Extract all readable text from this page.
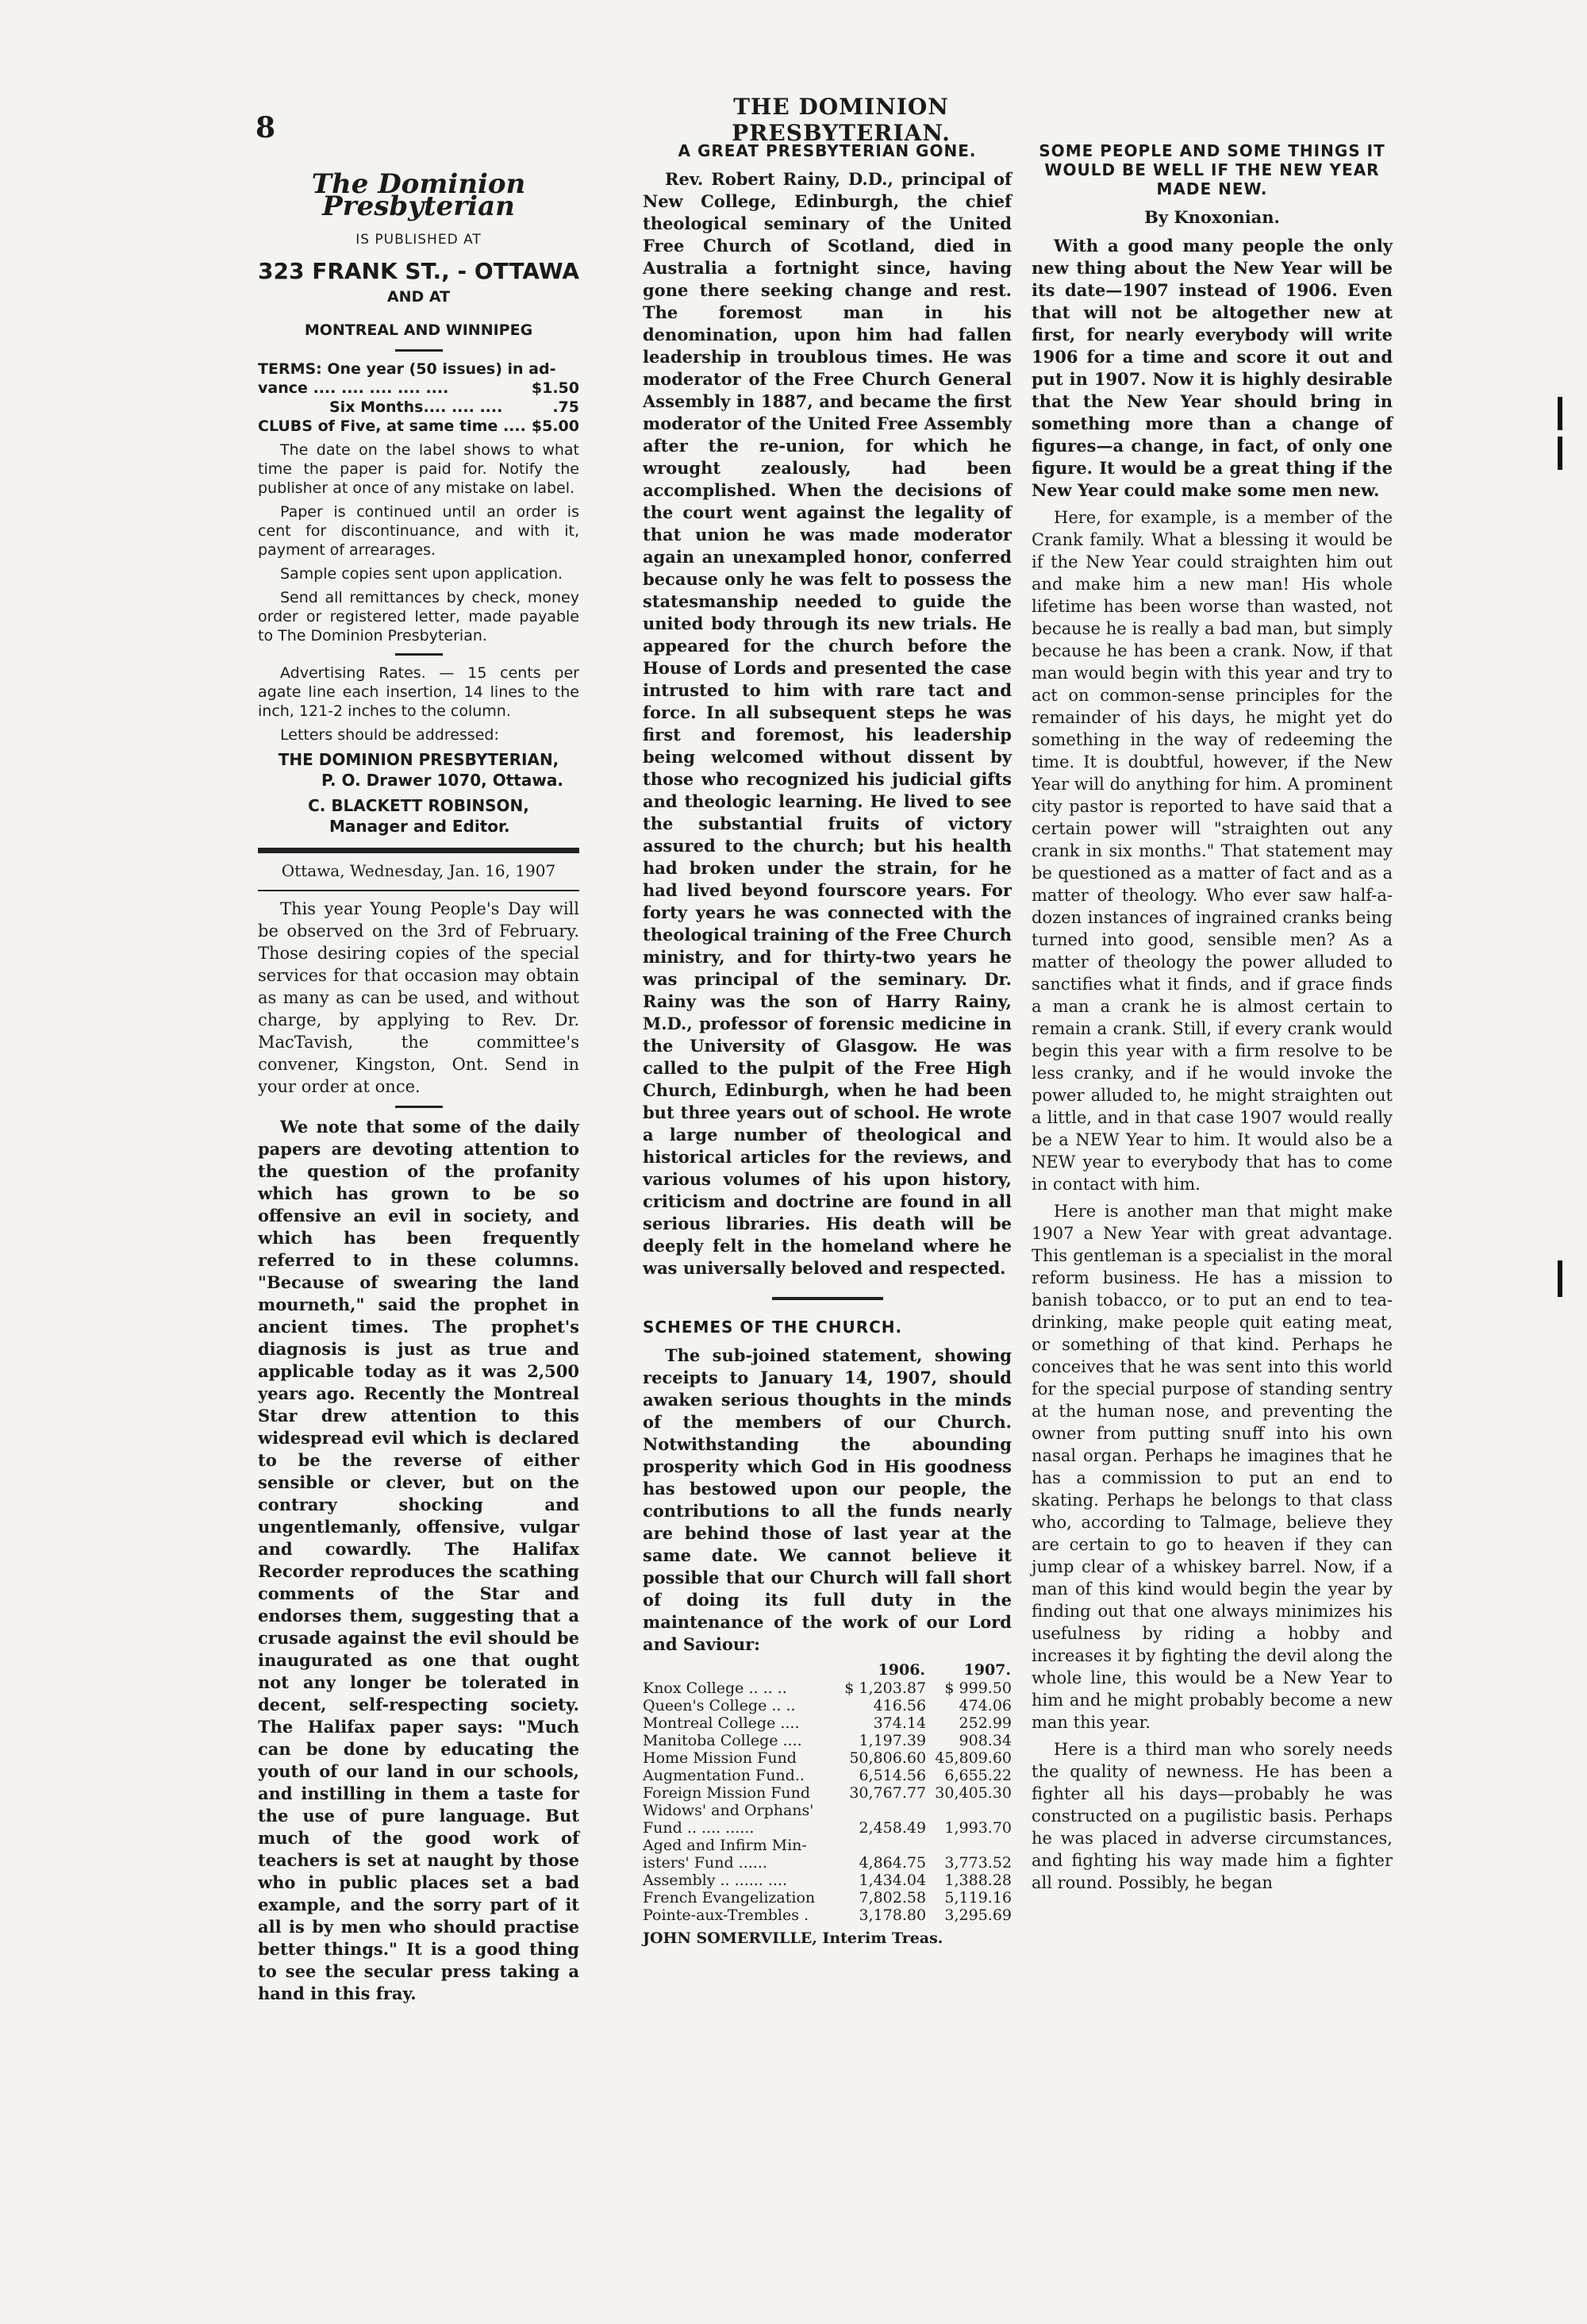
8
THE DOMINION PRESBYTERIAN.
The Dominion Presbyterian
IS PUBLISHED AT
323 FRANK ST., - OTTAWA
AND AT
MONTREAL AND WINNIPEG
TERMS: One year (50 issues) in ad-
vance .... .... .... .... ....	$1.50
Six Months.... .... ....	.75
CLUBS of Five, at same time .... $5.00

The date on the label shows to what time the paper is paid for. Notify the publisher at once of any mistake on label.

Paper is continued until an order is cent for discontinuance, and with it, payment of arrearages.

Sample copies sent upon application.

Send all remittances by check, money order or registered letter, made payable to The Dominion Presbyterian.

Advertising Rates. — 15 cents per agate line each insertion, 14 lines to the inch, 121-2 inches to the column.

Letters should be addressed:

THE DOMINION PRESBYTERIAN,
P. O. Drawer 1070, Ottawa.
C. BLACKETT ROBINSON,
Manager and Editor.
Ottawa, Wednesday, Jan. 16, 1907

This year Young People's Day will be observed on the 3rd of February. Those desiring copies of the special services for that occasion may obtain as many as can be used, and without charge, by applying to Rev. Dr. MacTavish, the committee's convener, Kingston, Ont. Send in your order at once.

We note that some of the daily papers are devoting attention to the question of the profanity which has grown to be so offensive an evil in society, and which has been frequently referred to in these columns. "Because of swearing the land mourneth," said the prophet in ancient times. The prophet's diagnosis is just as true and applicable today as it was 2,500 years ago. Recently the Montreal Star drew attention to this widespread evil which is declared to be the reverse of either sensible or clever, but on the contrary shocking and ungentlemanly, offensive, vulgar and cowardly. The Halifax Recorder reproduces the scathing comments of the Star and endorses them, suggesting that a crusade against the evil should be inaugurated as one that ought not any longer be tolerated in decent, self-respecting society. The Halifax paper says: "Much can be done by educating the youth of our land in our schools, and instilling in them a taste for the use of pure language. But much of the good work of teachers is set at naught by those who in public places set a bad example, and the sorry part of it all is by men who should practise better things." It is a good thing to see the secular press taking a hand in this fray.

A GREAT PRESBYTERIAN GONE.

Rev. Robert Rainy, D.D., principal of New College, Edinburgh, the chief theological seminary of the United Free Church of Scotland, died in Australia a fortnight since, having gone there seeking change and rest. The foremost man in his denomination, upon him had fallen leadership in troublous times. He was moderator of the Free Church General Assembly in 1887, and became the first moderator of the United Free Assembly after the re-union, for which he wrought zealously, had been accomplished. When the decisions of the court went against the legality of that union he was made moderator again an unexampled honor, conferred because only he was felt to possess the statesmanship needed to guide the united body through its new trials. He appeared for the church before the House of Lords and presented the case intrusted to him with rare tact and force. In all subsequent steps he was first and foremost, his leadership being welcomed without dissent by those who recognized his judicial gifts and theologic learning. He lived to see the substantial fruits of victory assured to the church; but his health had broken under the strain, for he had lived beyond fourscore years. For forty years he was connected with the theological training of the Free Church ministry, and for thirty-two years he was principal of the seminary. Dr. Rainy was the son of Harry Rainy, M.D., professor of forensic medicine in the University of Glasgow. He was called to the pulpit of the Free High Church, Edinburgh, when he had been but three years out of school. He wrote a large number of theological and historical articles for the reviews, and various volumes of his upon history, criticism and doctrine are found in all serious libraries. His death will be deeply felt in the homeland where he was universally beloved and respected.

SCHEMES OF THE CHURCH.

The sub-joined statement, showing receipts to January 14, 1907, should awaken serious thoughts in the minds of the members of our Church. Notwithstanding the abounding prosperity which God in His goodness has bestowed upon our people, the contributions to all the funds nearly are behind those of last year at the same date. We cannot believe it possible that our Church will fall short of doing its full duty in the maintenance of the work of our Lord and Saviour:

	1906.	1907.
Knox College .. .. ..	$ 1,203.87	$ 999.50
Queen's College .. ..	416.56	474.06
Montreal College ....	374.14	252.99
Manitoba College ....	1,197.39	908.34
Home Mission Fund	50,806.60	45,809.60
Augmentation Fund..	6,514.56	6,655.22
Foreign Mission Fund	30,767.77	30,405.30
Widows' and Orphans'		
Fund .. .... ......	2,458.49	1,993.70
Aged and Infirm Min-		
isters' Fund ......	4,864.75	3,773.52
Assembly .. ...... ....	1,434.04	1,388.28
French Evangelization	7,802.58	5,119.16
Pointe-aux-Trembles .	3,178.80	3,295.69
JOHN SOMERVILLE, Interim Treas.
SOME PEOPLE AND SOME THINGS IT WOULD BE WELL IF THE NEW YEAR MADE NEW.
By Knoxonian.

With a good many people the only new thing about the New Year will be its date—1907 instead of 1906. Even that will not be altogether new at first, for nearly everybody will write 1906 for a time and score it out and put in 1907. Now it is highly desirable that the New Year should bring in something more than a change of figures—a change, in fact, of only one figure. It would be a great thing if the New Year could make some men new.

Here, for example, is a member of the Crank family. What a blessing it would be if the New Year could straighten him out and make him a new man! His whole lifetime has been worse than wasted, not because he is really a bad man, but simply because he has been a crank. Now, if that man would begin with this year and try to act on common-sense principles for the remainder of his days, he might yet do something in the way of redeeming the time. It is doubtful, however, if the New Year will do anything for him. A prominent city pastor is reported to have said that a certain power will "straighten out any crank in six months." That statement may be questioned as a matter of fact and as a matter of theology. Who ever saw half-a-dozen instances of ingrained cranks being turned into good, sensible men? As a matter of theology the power alluded to sanctifies what it finds, and if grace finds a man a crank he is almost certain to remain a crank. Still, if every crank would begin this year with a firm resolve to be less cranky, and if he would invoke the power alluded to, he might straighten out a little, and in that case 1907 would really be a NEW Year to him. It would also be a NEW year to everybody that has to come in contact with him.

Here is another man that might make 1907 a New Year with great advantage. This gentleman is a specialist in the moral reform business. He has a mission to banish tobacco, or to put an end to tea-drinking, make people quit eating meat, or something of that kind. Perhaps he conceives that he was sent into this world for the special purpose of standing sentry at the human nose, and preventing the owner from putting snuff into his own nasal organ. Perhaps he imagines that he has a commission to put an end to skating. Perhaps he belongs to that class who, according to Talmage, believe they are certain to go to heaven if they can jump clear of a whiskey barrel. Now, if a man of this kind would begin the year by finding out that one always minimizes his usefulness by riding a hobby and increases it by fighting the devil along the whole line, this would be a New Year to him and he might probably become a new man this year.

Here is a third man who sorely needs the quality of newness. He has been a fighter all his days—probably he was constructed on a pugilistic basis. Perhaps he was placed in adverse circumstances, and fighting his way made him a fighter all round. Possibly, he began
